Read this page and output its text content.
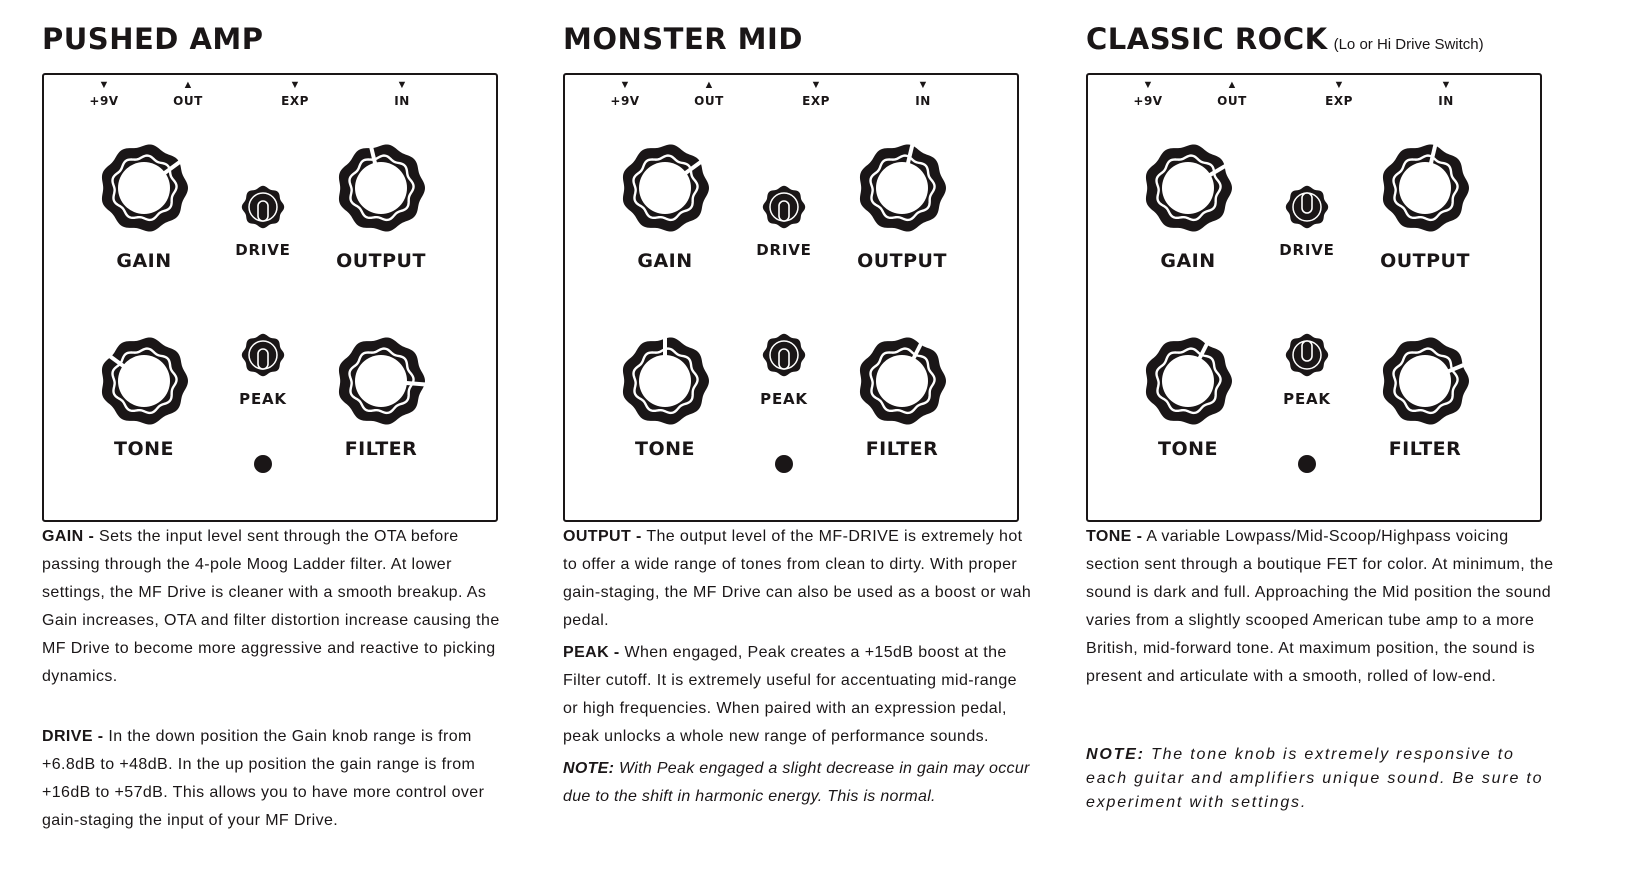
PUSHED AMP
▼
+9V
▲
OUT
▼
EXP
▼
IN
GAIN	DRIVE	OUTPUT
TONE
PEAK
FILTER

GAIN - Sets the input level sent through the OTA before passing through the 4-pole Moog Ladder filter. At lower settings, the MF Drive is cleaner with a smooth breakup. As Gain increases, OTA and filter distortion increase causing the MF Drive to become more aggressive and reactive to picking dynamics.

DRIVE - In the down position the Gain knob range is from +6.8dB to +48dB. In the up position the gain range is from +16dB to +57dB. This allows you to have more control over gain-staging the input of your MF Drive.

MONSTER MID
▼
+9V
▲
OUT
▼
EXP
▼
IN
GAIN	DRIVE	OUTPUT
TONE
PEAK
FILTER

OUTPUT - The output level of the MF-DRIVE is extremely hot to offer a wide range of tones from clean to dirty. With proper gain-staging, the MF Drive can also be used as a boost or wah pedal.

PEAK - When engaged, Peak creates a +15dB boost at the Filter cutoff. It is extremely useful for accentuating mid-range or high frequencies. When paired with an expression pedal, peak unlocks a whole new range of performance sounds.

NOTE: With Peak engaged a slight decrease in gain may occur due to the shift in harmonic energy. This is normal.

CLASSIC ROCK (Lo or Hi Drive Switch)
▼
+9V
▲
OUT
▼
EXP
▼
IN
GAIN	DRIVE	OUTPUT
TONE
PEAK
FILTER

TONE - A variable Lowpass/Mid-Scoop/Highpass voicing section sent through a boutique FET for color. At minimum, the sound is dark and full. Approaching the Mid position the sound varies from a slightly scooped American tube amp to a more British, mid-forward tone. At maximum position, the sound is present and articulate with a smooth, rolled of low-end.

NOTE: The tone knob is extremely responsive to each guitar and amplifiers unique sound. Be sure to experiment with settings.
